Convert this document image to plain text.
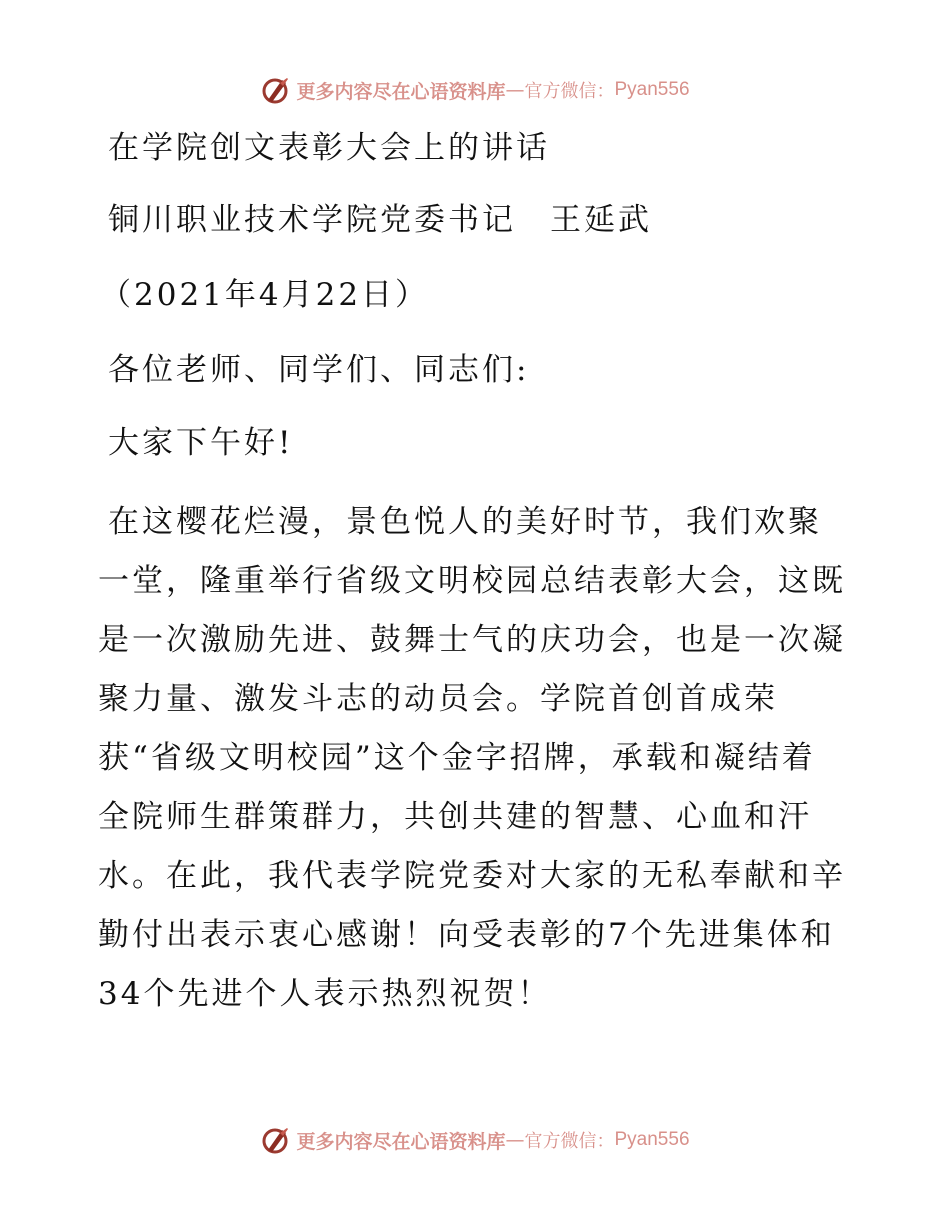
更多内容尽在心语资料库 — 官方微信： Pyan556
在学院创文表彰大会上的讲话
铜川职业技术学院党委书记　王延武
（2021年4月22日）
各位老师、同学们、同志们:
大家下午好!

在这樱花烂漫，景色悦人的美好时节，我们欢聚

一堂，隆重举行省级文明校园总结表彰大会，这既

是一次激励先进、鼓舞士气的庆功会，也是一次凝

聚力量、激发斗志的动员会。学院首创首成荣

获“省级文明校园”这个金字招牌，承载和凝结着

全院师生群策群力，共创共建的智慧、心血和汗

水。在此，我代表学院党委对大家的无私奉献和辛

勤付出表示衷心感谢！向受表彰的7个先进集体和

34个先进个人表示热烈祝贺！

更多内容尽在心语资料库 — 官方微信： Pyan556
